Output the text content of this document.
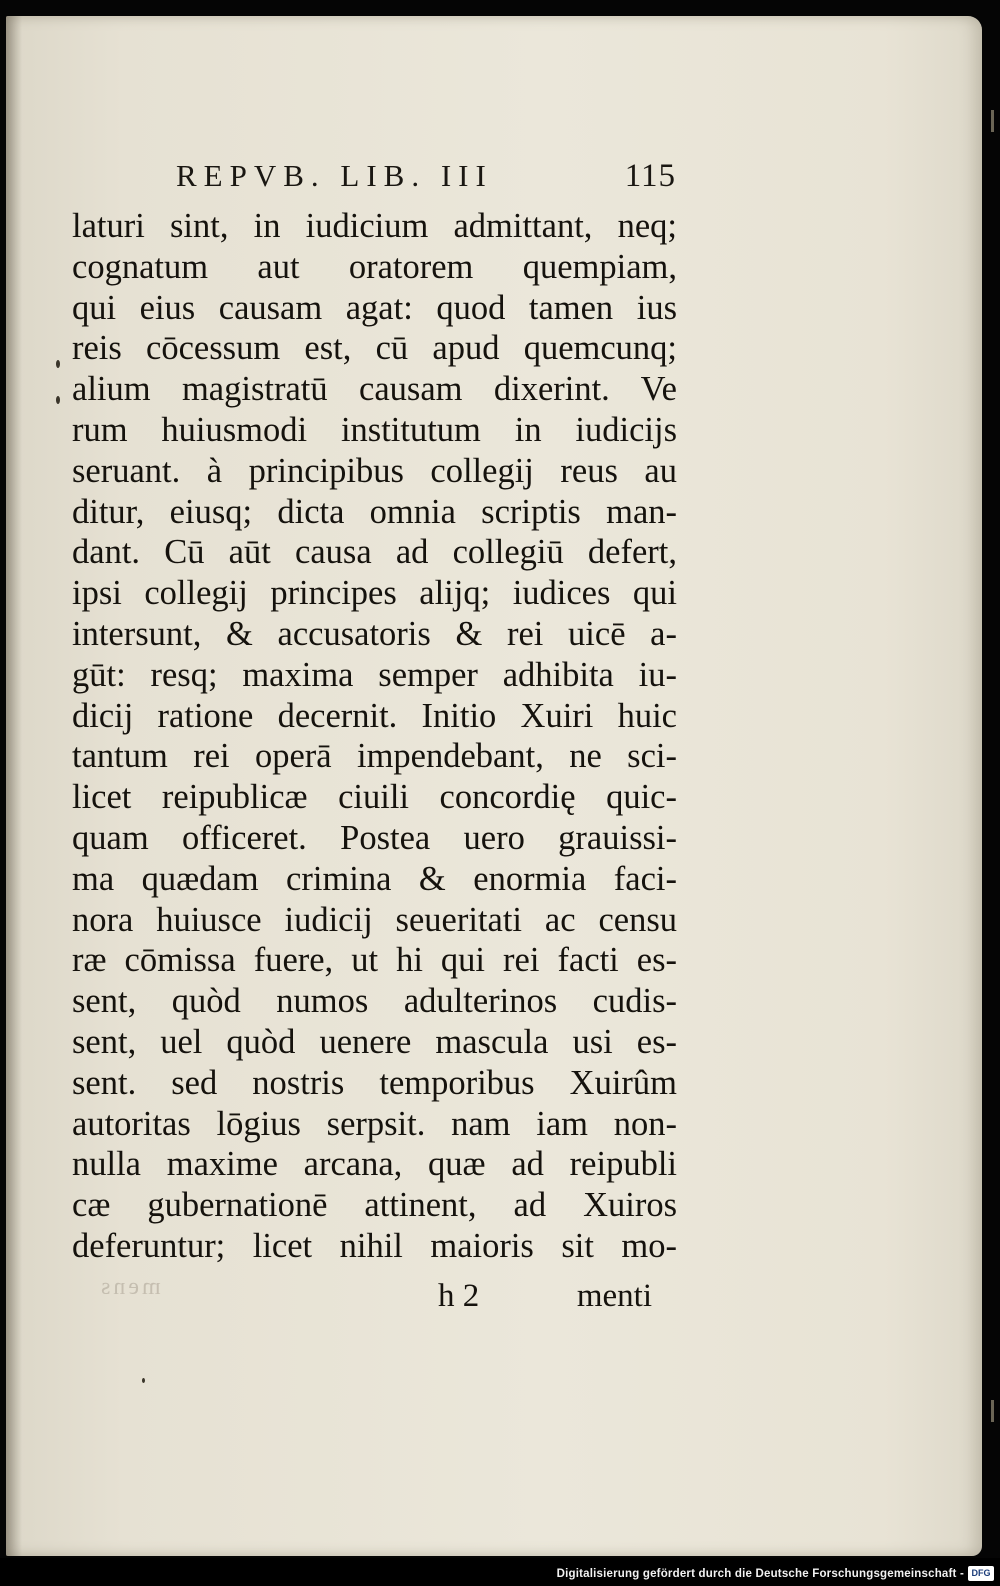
REPVB. LIB. III	115
laturi sint, in iudicium admittant, neq;
cognatum aut oratorem quempiam,
qui eius causam agat: quod tamen ius
reis cōcessum est, cū apud quemcunq;
alium magistratū causam dixerint. Ve
rum huiusmodi institutum in iudicijs
seruant. à principibus collegij reus au
ditur, eiusq; dicta omnia scriptis man-
dant. Cū aūt causa ad collegiū defert,
ipsi collegij principes alijq; iudices qui
intersunt, & accusatoris & rei uicē a-
gūt: resq; maxima semper adhibita iu-
dicij ratione decernit. Initio Xuiri huic
tantum rei operā impendebant, ne sci-
licet reipublicæ ciuili concordię quic-
quam officeret. Postea uero grauissi-
ma quædam crimina & enormia faci-
nora huiusce iudicij seueritati ac censu
ræ cōmissa fuere, ut hi qui rei facti es-
sent, quòd numos adulterinos cudis-
sent, uel quòd uenere mascula usi es-
sent. sed nostris temporibus Xuirûm
autoritas lōgius serpsit. nam iam non-
nulla maxime arcana, quæ ad reipubli
cæ gubernationē attinent, ad Xuiros
deferuntur; licet nihil maioris sit mo-
mens	h 2	menti
Digitalisierung gefördert durch die Deutsche Forschungsgemeinschaft - DFG
